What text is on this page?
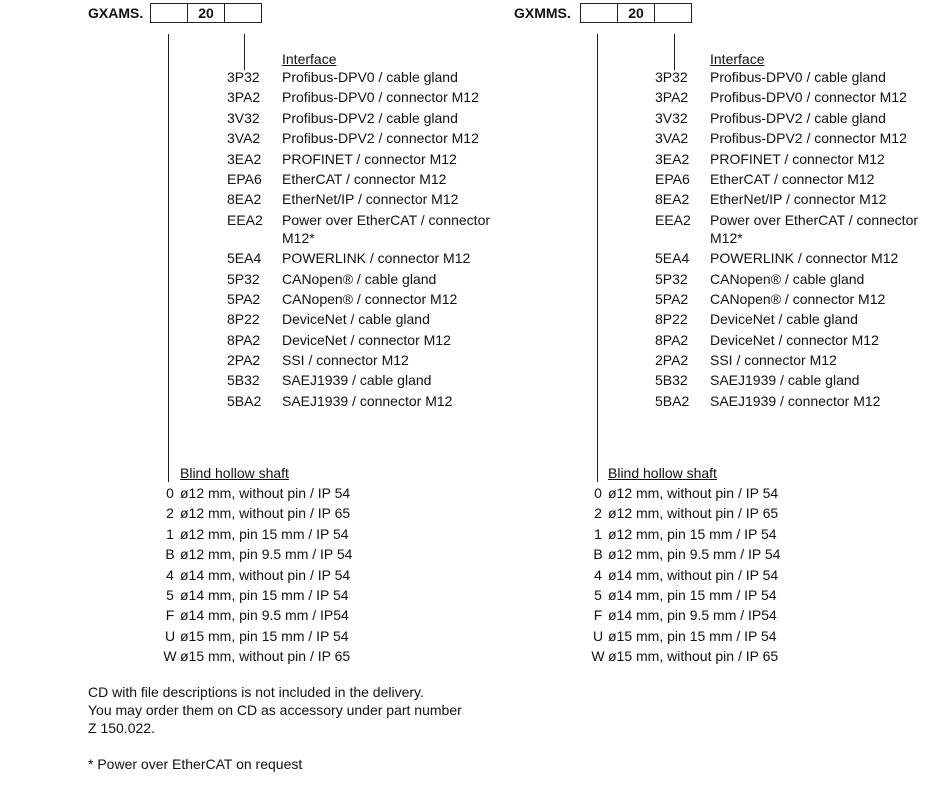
GXAMS.	20
Interface
3P32	Profibus-DPV0 / cable gland
3PA2	Profibus-DPV0 / connector M12
3V32	Profibus-DPV2 / cable gland
3VA2	Profibus-DPV2 / connector M12
3EA2	PROFINET / connector M12
EPA6	EtherCAT / connector M12
8EA2	EtherNet/IP / connector M12
EEA2	Power over EtherCAT / connector M12*
5EA4	POWERLINK / connector M12
5P32	CANopen® / cable gland
5PA2	CANopen® / connector M12
8P22	DeviceNet / cable gland
8PA2	DeviceNet / connector M12
2PA2	SSI / connector M12
5B32	SAEJ1939 / cable gland
5BA2	SAEJ1939 / connector M12
Blind hollow shaft
0 ø12 mm, without pin / IP 54
2 ø12 mm, without pin / IP 65
1 ø12 mm, pin 15 mm / IP 54
B ø12 mm, pin 9.5 mm / IP 54
4 ø14 mm, without pin / IP 54
5 ø14 mm, pin 15 mm / IP 54
F ø14 mm, pin 9.5 mm / IP54
U ø15 mm, pin 15 mm / IP 54
W ø15 mm, without pin / IP 65
GXMMS.	20
Interface
3P32	Profibus-DPV0 / cable gland
3PA2	Profibus-DPV0 / connector M12
3V32	Profibus-DPV2 / cable gland
3VA2	Profibus-DPV2 / connector M12
3EA2	PROFINET / connector M12
EPA6	EtherCAT / connector M12
8EA2	EtherNet/IP / connector M12
EEA2	Power over EtherCAT / connector M12*
5EA4	POWERLINK / connector M12
5P32	CANopen® / cable gland
5PA2	CANopen® / connector M12
8P22	DeviceNet / cable gland
8PA2	DeviceNet / connector M12
2PA2	SSI / connector M12
5B32	SAEJ1939 / cable gland
5BA2	SAEJ1939 / connector M12
Blind hollow shaft
0 ø12 mm, without pin / IP 54
2 ø12 mm, without pin / IP 65
1 ø12 mm, pin 15 mm / IP 54
B ø12 mm, pin 9.5 mm / IP 54
4 ø14 mm, without pin / IP 54
5 ø14 mm, pin 15 mm / IP 54
F ø14 mm, pin 9.5 mm / IP54
U ø15 mm, pin 15 mm / IP 54
W ø15 mm, without pin / IP 65

CD with file descriptions is not included in the delivery.

You may order them on CD as accessory under part number

Z 150.022.

* Power over EtherCAT on request
